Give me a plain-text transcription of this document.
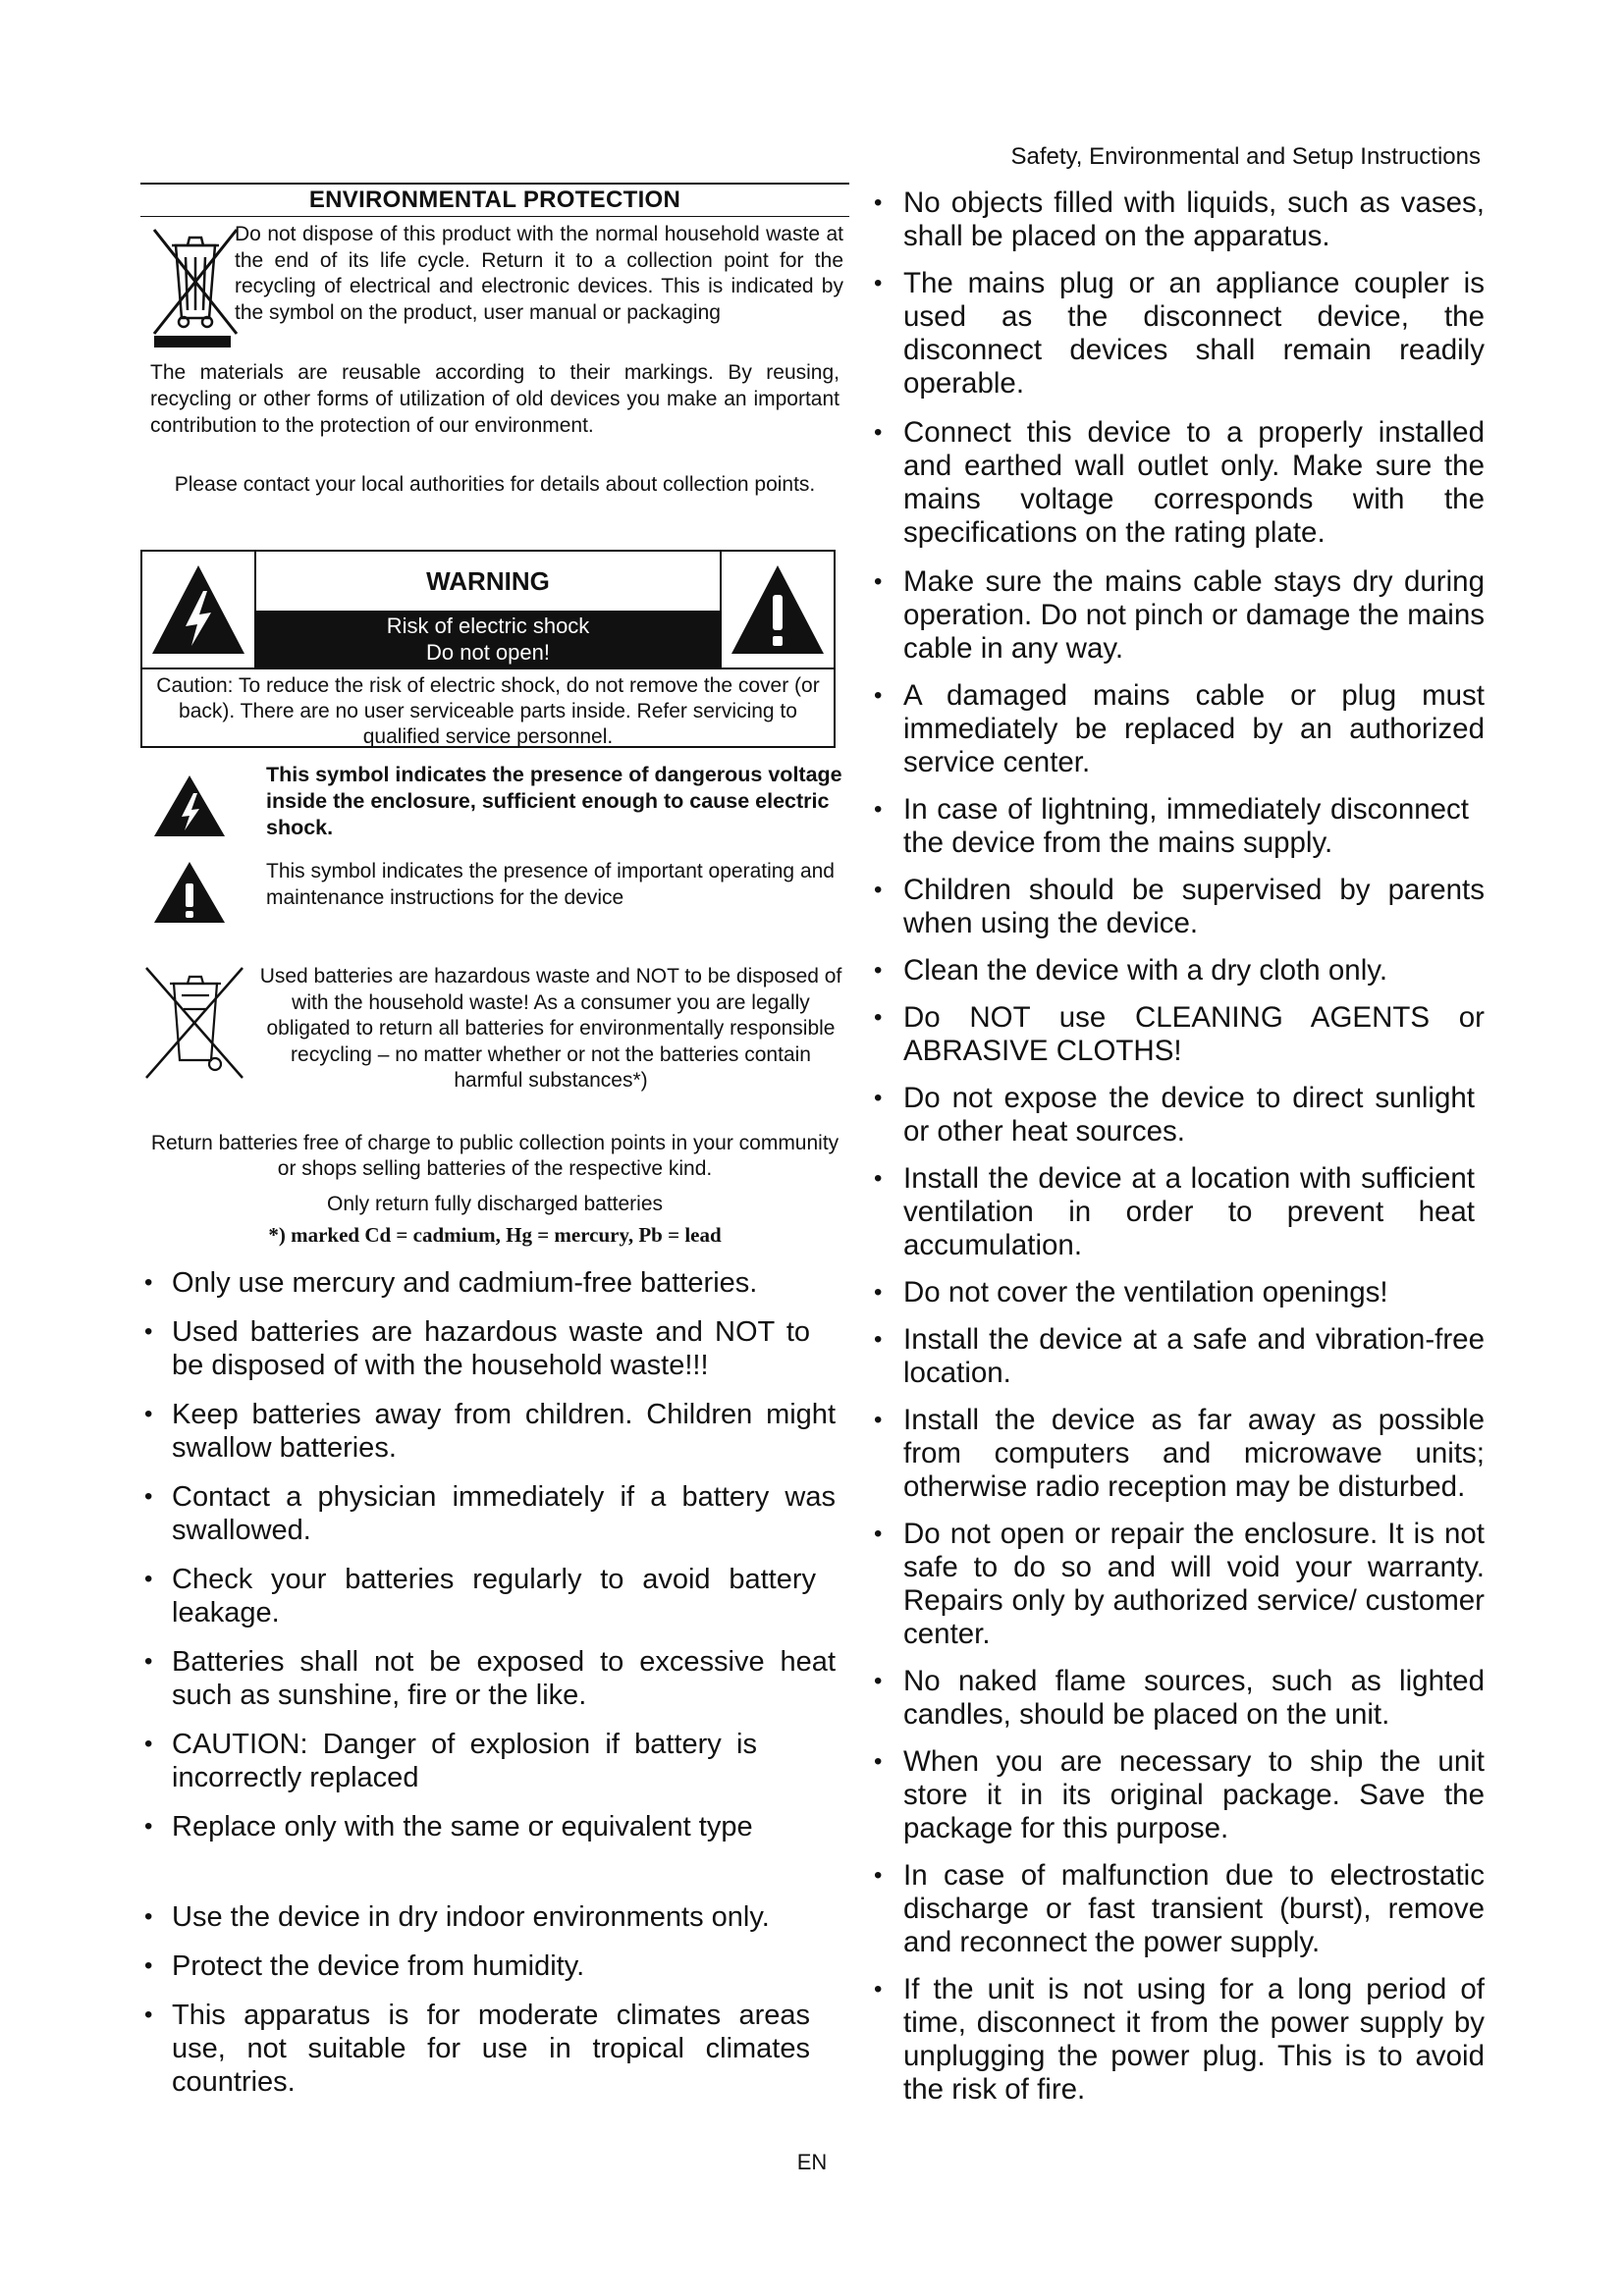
Safety, Environmental and Setup Instructions
ENVIRONMENTAL PROTECTION
Do not dispose of this product with the normal household waste at the end of its life cycle. Return it to a collection point for the recycling of electrical and electronic devices. This is indicated by the symbol on the product, user manual or packaging
The materials are reusable according to their markings. By reusing, recycling or other forms of utilization of old devices you make an important contribution to the protection of our environment.
Please contact your local authorities for details about collection points.
WARNING
Risk of electric shock
Do not open!
Caution: To reduce the risk of electric shock, do not remove the cover (or back). There are no user serviceable parts inside. Refer servicing to qualified service personnel.
This symbol indicates the presence of dangerous voltage inside the enclosure, sufficient enough to cause electric shock.
This symbol indicates the presence of important operating and maintenance instructions for the device
Used batteries are hazardous waste and NOT to be disposed of with the household waste! As a consumer you are legally obligated to return all batteries for environmentally responsible recycling – no matter whether or not the batteries contain harmful substances*)
Return batteries free of charge to public collection points in your community or shops selling batteries of the respective kind.
Only return fully discharged batteries
*) marked Cd = cadmium, Hg = mercury, Pb = lead
• Only use mercury and cadmium-free batteries.
• Used batteries are hazardous waste and NOT to be disposed of with the household waste!!!
• Keep batteries away from children. Children might swallow batteries.
• Contact a physician immediately if a battery was swallowed.
• Check your batteries regularly to avoid battery leakage.
• Batteries shall not be exposed to excessive heat such as sunshine, fire or the like.
• CAUTION: Danger of explosion if battery is incorrectly replaced
• Replace only with the same or equivalent type
• Use the device in dry indoor environments only.
• Protect the device from humidity.
• This apparatus is for moderate climates areas use, not suitable for use in tropical climates countries.
• No objects filled with liquids, such as vases, shall be placed on the apparatus.
• The mains plug or an appliance coupler is used as the disconnect device, the disconnect devices shall remain readily operable.
• Connect this device to a properly installed and earthed wall outlet only. Make sure the mains voltage corresponds with the specifications on the rating plate.
• Make sure the mains cable stays dry during operation. Do not pinch or damage the mains cable in any way.
• A damaged mains cable or plug must immediately be replaced by an authorized service center.
• In case of lightning, immediately disconnect the device from the mains supply.
• Children should be supervised by parents when using the device.
• Clean the device with a dry cloth only.
• Do NOT use CLEANING AGENTS or ABRASIVE CLOTHS!
• Do not expose the device to direct sunlight or other heat sources.
• Install the device at a location with sufficient ventilation in order to prevent heat accumulation.
• Do not cover the ventilation openings!
• Install the device at a safe and vibration-free location.
• Install the device as far away as possible from computers and microwave units; otherwise radio reception may be disturbed.
• Do not open or repair the enclosure. It is not safe to do so and will void your warranty. Repairs only by authorized service/ customer center.
• No naked flame sources, such as lighted candles, should be placed on the unit.
• When you are necessary to ship the unit store it in its original package. Save the package for this purpose.
• In case of malfunction due to electrostatic discharge or fast transient (burst), remove and reconnect the power supply.
• If the unit is not using for a long period of time, disconnect it from the power supply by unplugging the power plug. This is to avoid the risk of fire.
EN
